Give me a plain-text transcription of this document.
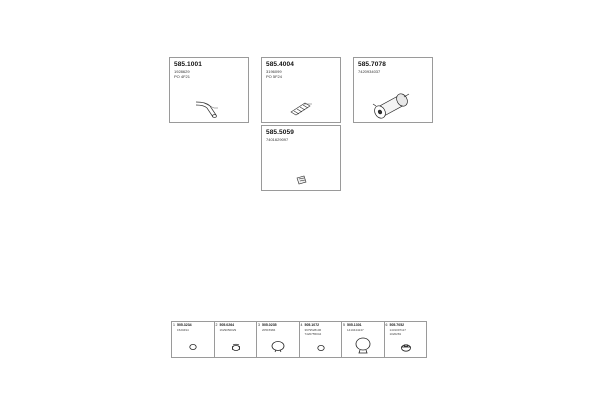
585.1001
1928629
PO 4F21
585.4004
3196099
PO 5F24
585.7078
7420934037
585.5059
7401629097
1 505.3234
1520494
2 505.0264
1629050029
3 505.0235
20515984
4 505.1072
3979528106
7420755044
5 505.1301
1410444247
6 505.7052
1431097117
1020281
